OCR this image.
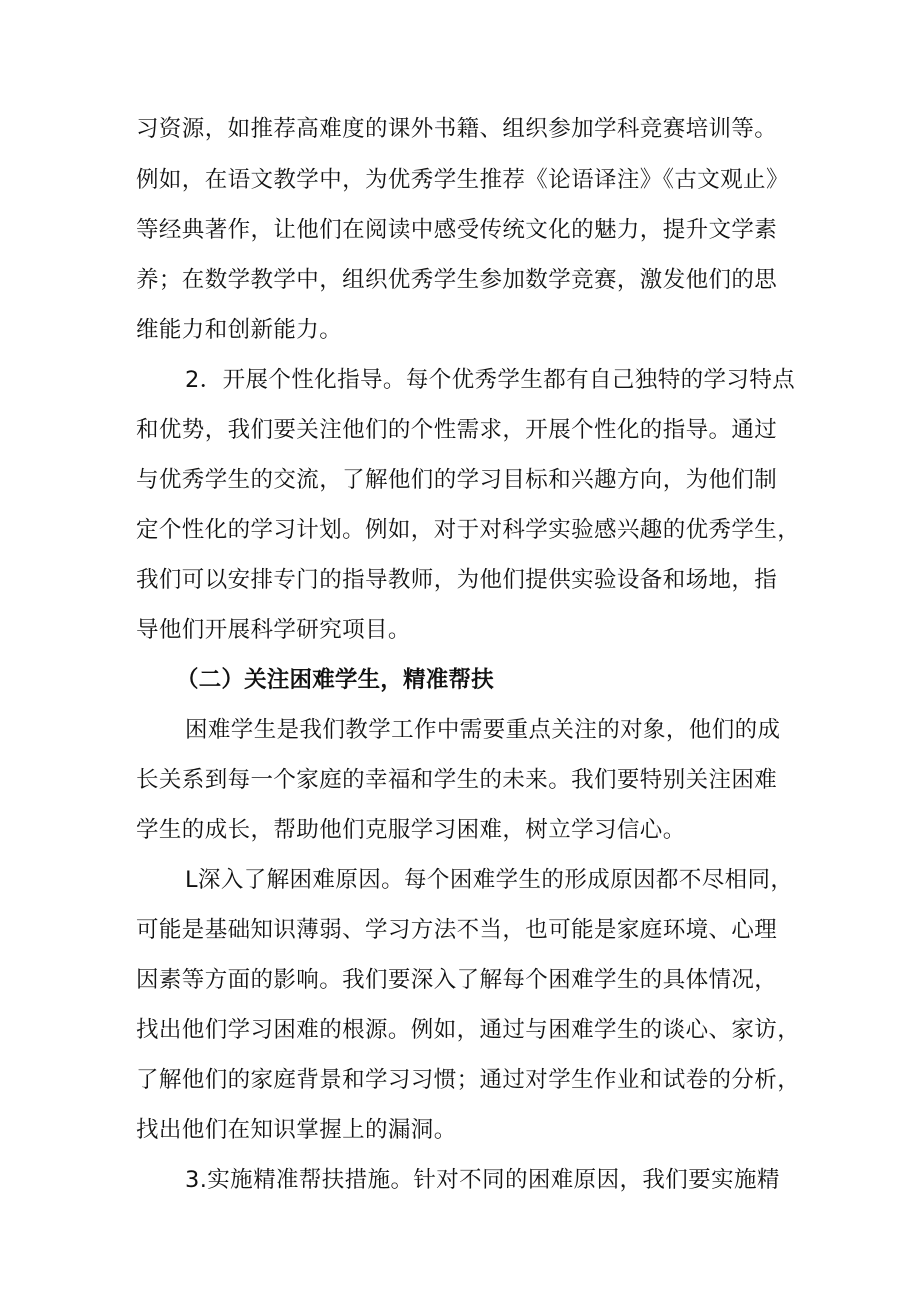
习资源，如推荐高难度的课外书籍、组织参加学科竞赛培训等。
例如，在语文教学中，为优秀学生推荐《论语译注》《古文观止》
等经典著作，让他们在阅读中感受传统文化的魅力，提升文学素
养；在数学教学中，组织优秀学生参加数学竞赛，激发他们的思
维能力和创新能力。
2．开展个性化指导。每个优秀学生都有自己独特的学习特点
和优势，我们要关注他们的个性需求，开展个性化的指导。通过
与优秀学生的交流，了解他们的学习目标和兴趣方向，为他们制
定个性化的学习计划。例如，对于对科学实验感兴趣的优秀学生，
我们可以安排专门的指导教师，为他们提供实验设备和场地，指
导他们开展科学研究项目。
（二）关注困难学生，精准帮扶
困难学生是我们教学工作中需要重点关注的对象，他们的成
长关系到每一个家庭的幸福和学生的未来。我们要特别关注困难
学生的成长，帮助他们克服学习困难，树立学习信心。
L深入了解困难原因。每个困难学生的形成原因都不尽相同，
可能是基础知识薄弱、学习方法不当，也可能是家庭环境、心理
因素等方面的影响。我们要深入了解每个困难学生的具体情况，
找出他们学习困难的根源。例如，通过与困难学生的谈心、家访，
了解他们的家庭背景和学习习惯；通过对学生作业和试卷的分析，
找出他们在知识掌握上的漏洞。
3.实施精准帮扶措施。针对不同的困难原因，我们要实施精
